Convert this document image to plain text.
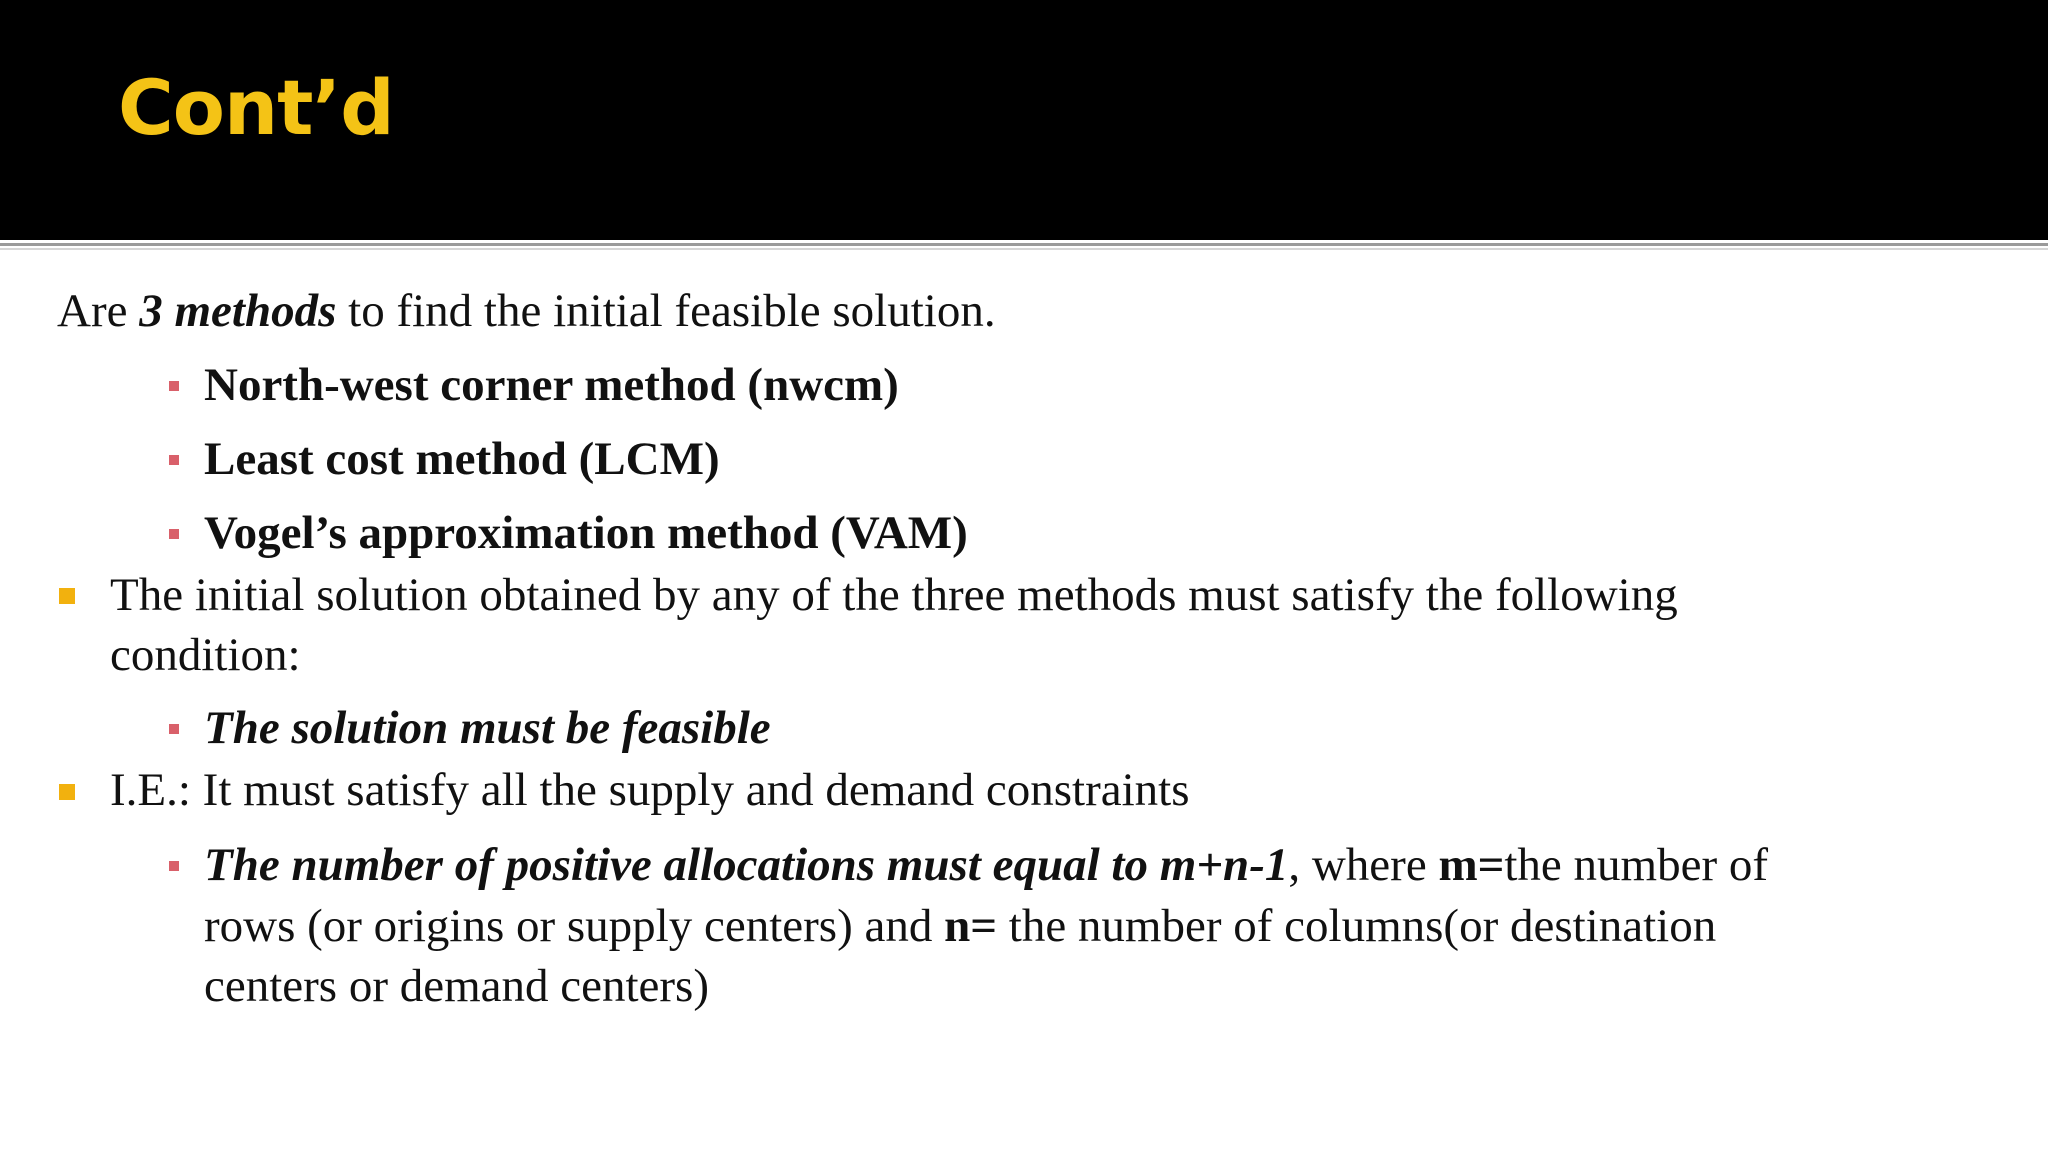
Cont’d
Are 3 methods to find the initial feasible solution.
North-west corner method (nwcm)
Least cost method (LCM)
Vogel’s approximation method (VAM)
The initial solution obtained by any of the three methods must satisfy the following
condition:
The solution must be feasible
I.E.: It must satisfy all the supply and demand constraints
The number of positive allocations must equal to m+n-1, where m=the number of
rows (or origins or supply centers) and n= the number of columns(or destination
centers or demand centers)
